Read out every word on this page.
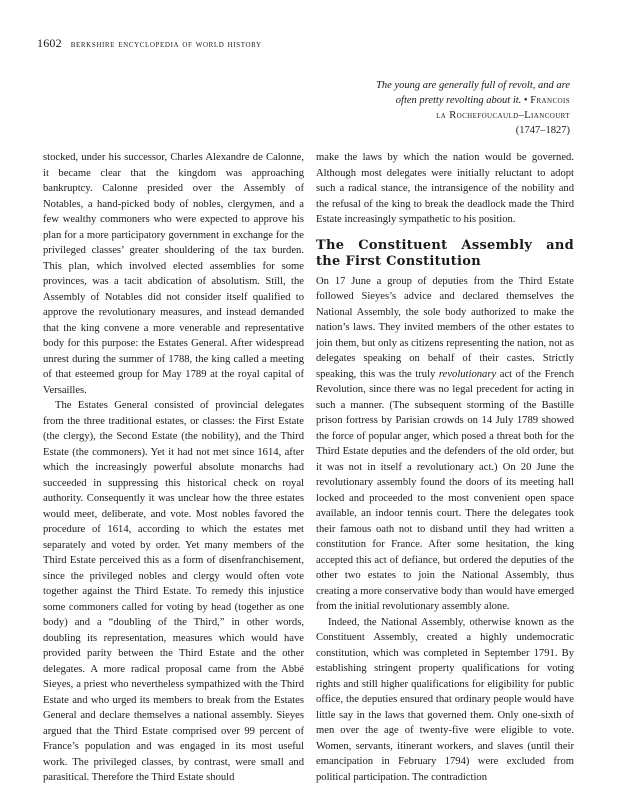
1602 berkshire encyclopedia of world history
The young are generally full of revolt, and are
often pretty revolting about it. • Francois
la Rochefoucauld–Liancourt
(1747–1827)

stocked, under his successor, Charles Alexandre de Calonne, it became clear that the kingdom was approaching bankruptcy. Calonne presided over the Assembly of Notables, a hand-picked body of nobles, clergymen, and a few wealthy commoners who were expected to approve his plan for a more participatory government in exchange for the privileged classes’ greater shouldering of the tax burden. This plan, which involved elected assemblies for some provinces, was a tacit abdication of absolutism. Still, the Assembly of Notables did not consider itself qualified to approve the revolutionary measures, and instead demanded that the king convene a more venerable and representative body for this purpose: the Estates General. After widespread unrest during the summer of 1788, the king called a meeting of that esteemed group for May 1789 at the royal capital of Versailles.

The Estates General consisted of provincial delegates from the three traditional estates, or classes: the First Estate (the clergy), the Second Estate (the nobility), and the Third Estate (the commoners). Yet it had not met since 1614, after which the increasingly powerful absolute monarchs had succeeded in suppressing this historical check on royal authority. Consequently it was unclear how the three estates would meet, deliberate, and vote. Most nobles favored the procedure of 1614, according to which the estates met separately and voted by order. Yet many members of the Third Estate perceived this as a form of disenfranchisement, since the privileged nobles and clergy would often vote together against the Third Estate. To remedy this injustice some commoners called for voting by head (together as one body) and a “doubling of the Third,” in other words, doubling its representation, measures which would have provided parity between the Third Estate and the other delegates. A more radical proposal came from the Abbé Sieyes, a priest who nevertheless sympathized with the Third Estate and who urged its members to break from the Estates General and declare themselves a national assembly. Sieyes argued that the Third Estate comprised over 99 percent of France’s population and was engaged in its most useful work. The privileged classes, by contrast, were small and parasitical. Therefore the Third Estate should

make the laws by which the nation would be governed. Although most delegates were initially reluctant to adopt such a radical stance, the intransigence of the nobility and the refusal of the king to break the deadlock made the Third Estate increasingly sympathetic to his position.

The Constituent Assembly and the First Constitution

On 17 June a group of deputies from the Third Estate followed Sieyes’s advice and declared themselves the National Assembly, the sole body authorized to make the nation’s laws. They invited members of the other estates to join them, but only as citizens representing the nation, not as delegates speaking on behalf of their castes. Strictly speaking, this was the truly revolutionary act of the French Revolution, since there was no legal precedent for acting in such a manner. (The subsequent storming of the Bastille prison fortress by Parisian crowds on 14 July 1789 showed the force of popular anger, which posed a threat both for the Third Estate deputies and the defenders of the old order, but it was not in itself a revolutionary act.) On 20 June the revolutionary assembly found the doors of its meeting hall locked and proceeded to the most convenient open space available, an indoor tennis court. There the delegates took their famous oath not to disband until they had written a constitution for France. After some hesitation, the king accepted this act of defiance, but ordered the deputies of the other two estates to join the National Assembly, thus creating a more conservative body than would have emerged from the initial revolutionary assembly alone.

Indeed, the National Assembly, otherwise known as the Constituent Assembly, created a highly undemocratic constitution, which was completed in September 1791. By establishing stringent property qualifications for voting rights and still higher qualifications for eligibility for public office, the deputies ensured that ordinary people would have little say in the laws that governed them. Only one-sixth of men over the age of twenty-five were eligible to vote. Women, servants, itinerant workers, and slaves (until their emancipation in February 1794) were excluded from political participation. The contradiction
